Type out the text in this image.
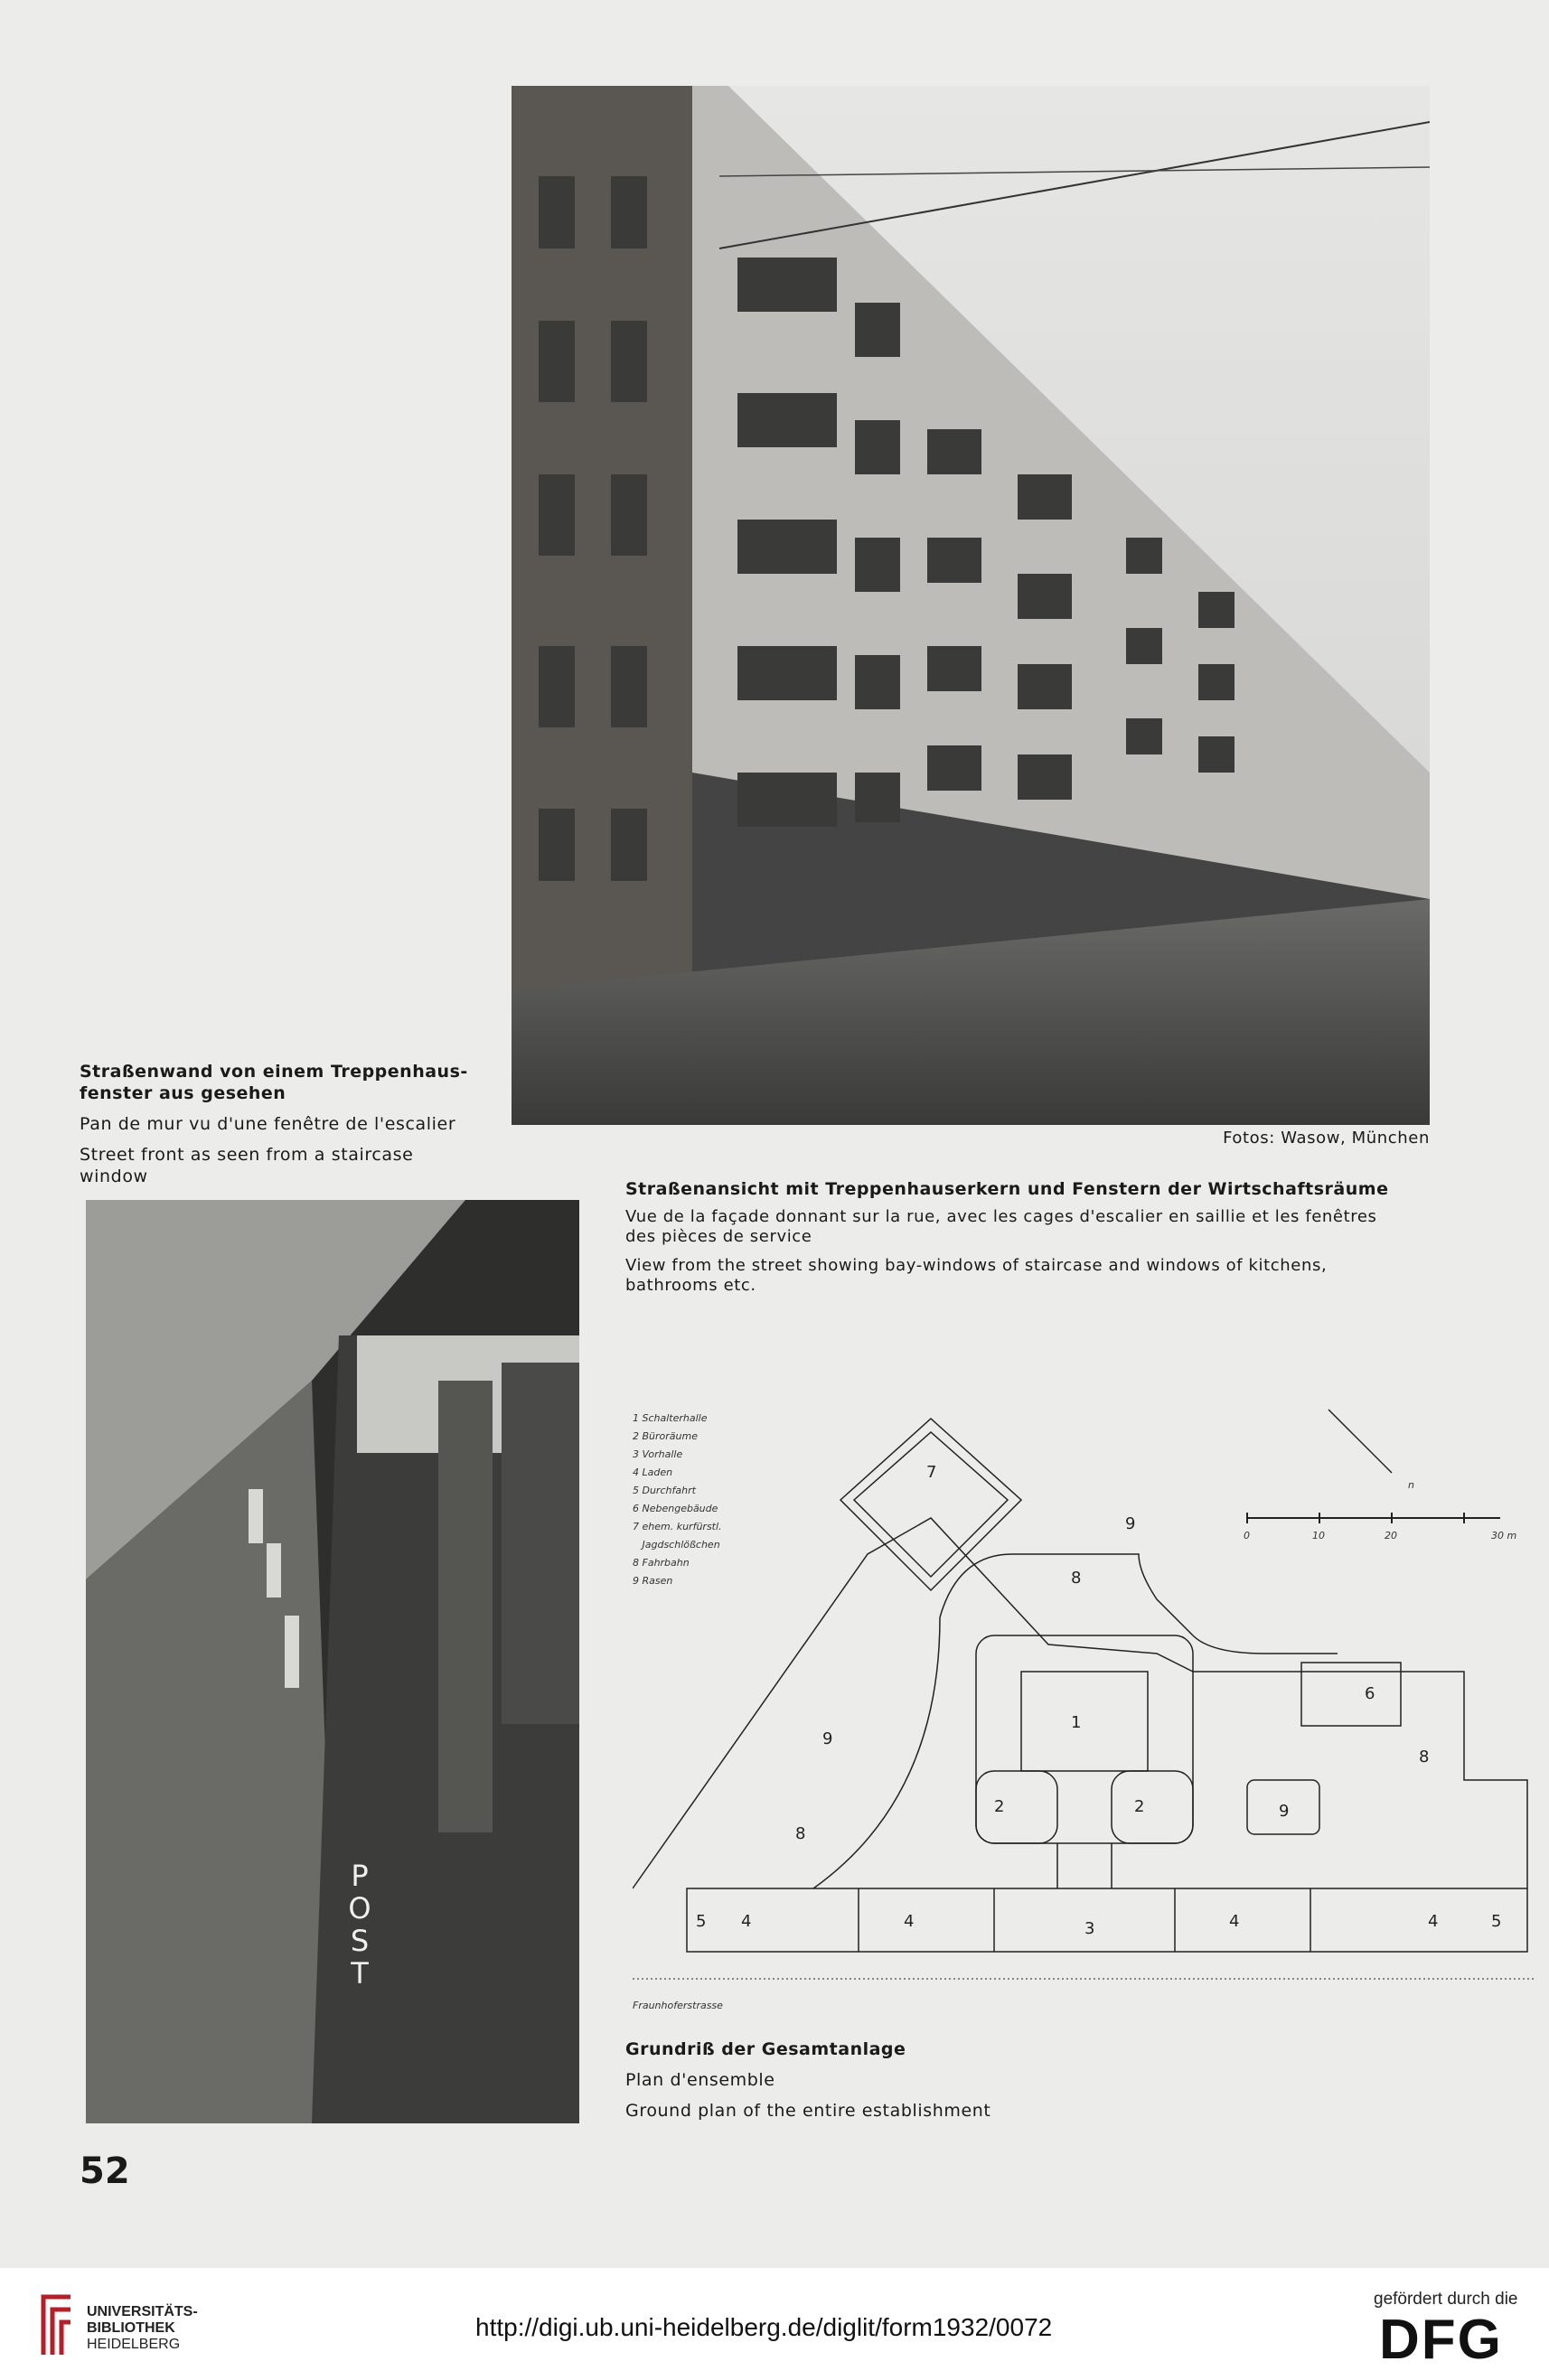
Fotos: Wasow, München
Straßenwand von einem Treppenhaus-
fenster aus gesehen
Pan de mur vu d'une fenêtre de l'escalier
Street front as seen from a staircase window
Straßenansicht mit Treppenhauserkern und Fenstern der Wirtschaftsräume
Vue de la façade donnant sur la rue, avec les cages d'escalier en saillie et les fenêtres
des pièces de service
View from the street showing bay-windows of staircase and windows of kitchens,
bathrooms etc.
POST
7
9
8
1
9
2	2
8
6
8
9
3
5	5
4	4	4	4
1 Schalterhalle
2 Büroräume
3 Vorhalle
4 Laden
5 Durchfahrt
6 Nebengebäude
7 ehem. kurfürstl.
Jagdschlößchen
8 Fahrbahn
9 Rasen
n
0	10	20	30 m
Fraunhoferstrasse
Grundriß der Gesamtanlage
Plan d'ensemble
Ground plan of the entire establishment
52
UNIVERSITÄTS-
BIBLIOTHEK
HEIDELBERG
http://digi.ub.uni-heidelberg.de/diglit/form1932/0072
gefördert durch die
DFG
